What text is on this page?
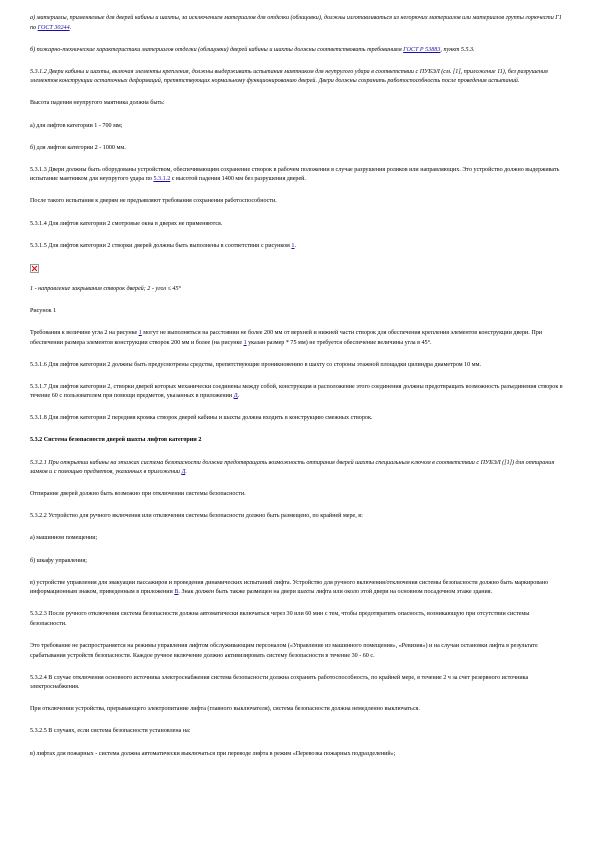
а) материалы, применяемые для дверей кабины и шахты, за исключением материалов для отделки (облицовки), должны изготавливаться из негорючих материалов или материалов группы горючести Г1 по ГОСТ 30244.

б) пожарно-технические характеристики материалов отделки (облицовки) дверей кабины и шахты должны соответствовать требованиям ГОСТ Р 53883, пункт 5.5.3.

5.3.1.2 Двери кабины и шахты, включая элементы крепления, должны выдерживать испытания маятником для неупругого удара в соответствии с ПУБЭЛ (см. [1], приложение 11), без разрушения элементов конструкции остаточных деформаций, препятствующих нормальному функционированию дверей. Двери должны сохранить работоспособность после проведения испытаний.

Высота падения неупругого маятника должна быть:

а) для лифтов категории 1 - 700 мм;

б) для лифтов категории 2 - 1000 мм.

5.3.1.3 Двери должны быть оборудованы устройством, обеспечивающим сохранение створок в рабочем положении в случае разрушения роликов или направляющих. Это устройство должно выдерживать испытание маятником для неупругого удара по 5.3.1.2 с высотой падения 1400 мм без разрушения дверей.

После такого испытания к дверям не предъявляют требования сохранения работоспособности.

5.3.1.4 Для лифтов категории 2 смотровые окна в дверях не применяются.

5.3.1.5 Для лифтов категории 2 створки дверей должны быть выполнены в соответствии с рисунком 1.

1 - направление закрывания створок дверей; 2 - угол ≤ 45°

Рисунок 1

Требования к величине угла 2 на рисунке 1 могут не выполняться на расстоянии не более 200 мм от верхней и нижней части створок для обеспечения крепления элементов конструкции двери. При обеспечении размера элементов конструкции створок 200 мм и более (на рисунке 1 указан размер * 75 мм) не требуется обеспечение величины угла в 45°.

5.3.1.6 Для лифтов категории 2 должны быть предусмотрены средства, препятствующие проникновению в шахту со стороны этажной площадки цилиндра диаметром 10 мм.

5.3.1.7 Для лифтов категории 2, створки дверей которых механически соединены между собой, конструкция и расположение этого соединения должны предотвращать возможность разъединения створок в течение 60 с пользователем при помощи предметов, указанных в приложении Д.

5.3.1.8 Для лифтов категории 2 передняя кромка створок дверей кабины и шахты должна входить в конструкцию смежных створок.

5.3.2 Система безопасности дверей шахты лифтов категории 2

5.3.2.1 При открытии кабины на этажах система безопасности должна предотвращать возможность отпирания дверей шахты специальным ключом в соответствии с ПУБЭЛ ([1]) для отпирания замков и с помощью предметов, указанных в приложении Д.

Отпирание дверей должно быть возможно при отключении системы безопасности.

5.3.2.2 Устройство для ручного включения или отключения системы безопасности должно быть размещено, по крайней мере, в:

а) машинном помещении;

б) шкафу управления;

в) устройстве управления для эвакуации пассажиров и проведения динамических испытаний лифта. Устройство для ручного включения/отключения системы безопасности должно быть маркировано информационным знаком, приведенным в приложении В. Знак должен быть также размещен на двери шахты лифта или около этой двери на основном посадочном этаже здания.

5.3.2.3 После ручного отключения система безопасности должна автоматически включаться через 30 или 60 мин с тем, чтобы предотвратить опасность, возникающую при отсутствии системы безопасности.

Это требование не распространяется на режимы управления лифтом обслуживающим персоналом («Управление из машинного помещения», «Ревизия») и на случаи остановки лифта в результате срабатывания устройств безопасности. Каждое ручное включение должно активизировать систему безопасности в течение 30 - 60 с.

5.3.2.4 В случае отключения основного источника электроснабжения система безопасности должна сохранять работоспособность, по крайней мере, в течение 2 ч за счет резервного источника электроснабжения.

При отключении устройства, прерывающего электропитание лифта (главного выключателя), система безопасности должна немедленно выключаться.

5.3.2.5 В случаях, если система безопасности установлена на:

в) лифтах для пожарных - система должна автоматически выключаться при переводе лифта в режим «Перевозка пожарных подразделений»;
